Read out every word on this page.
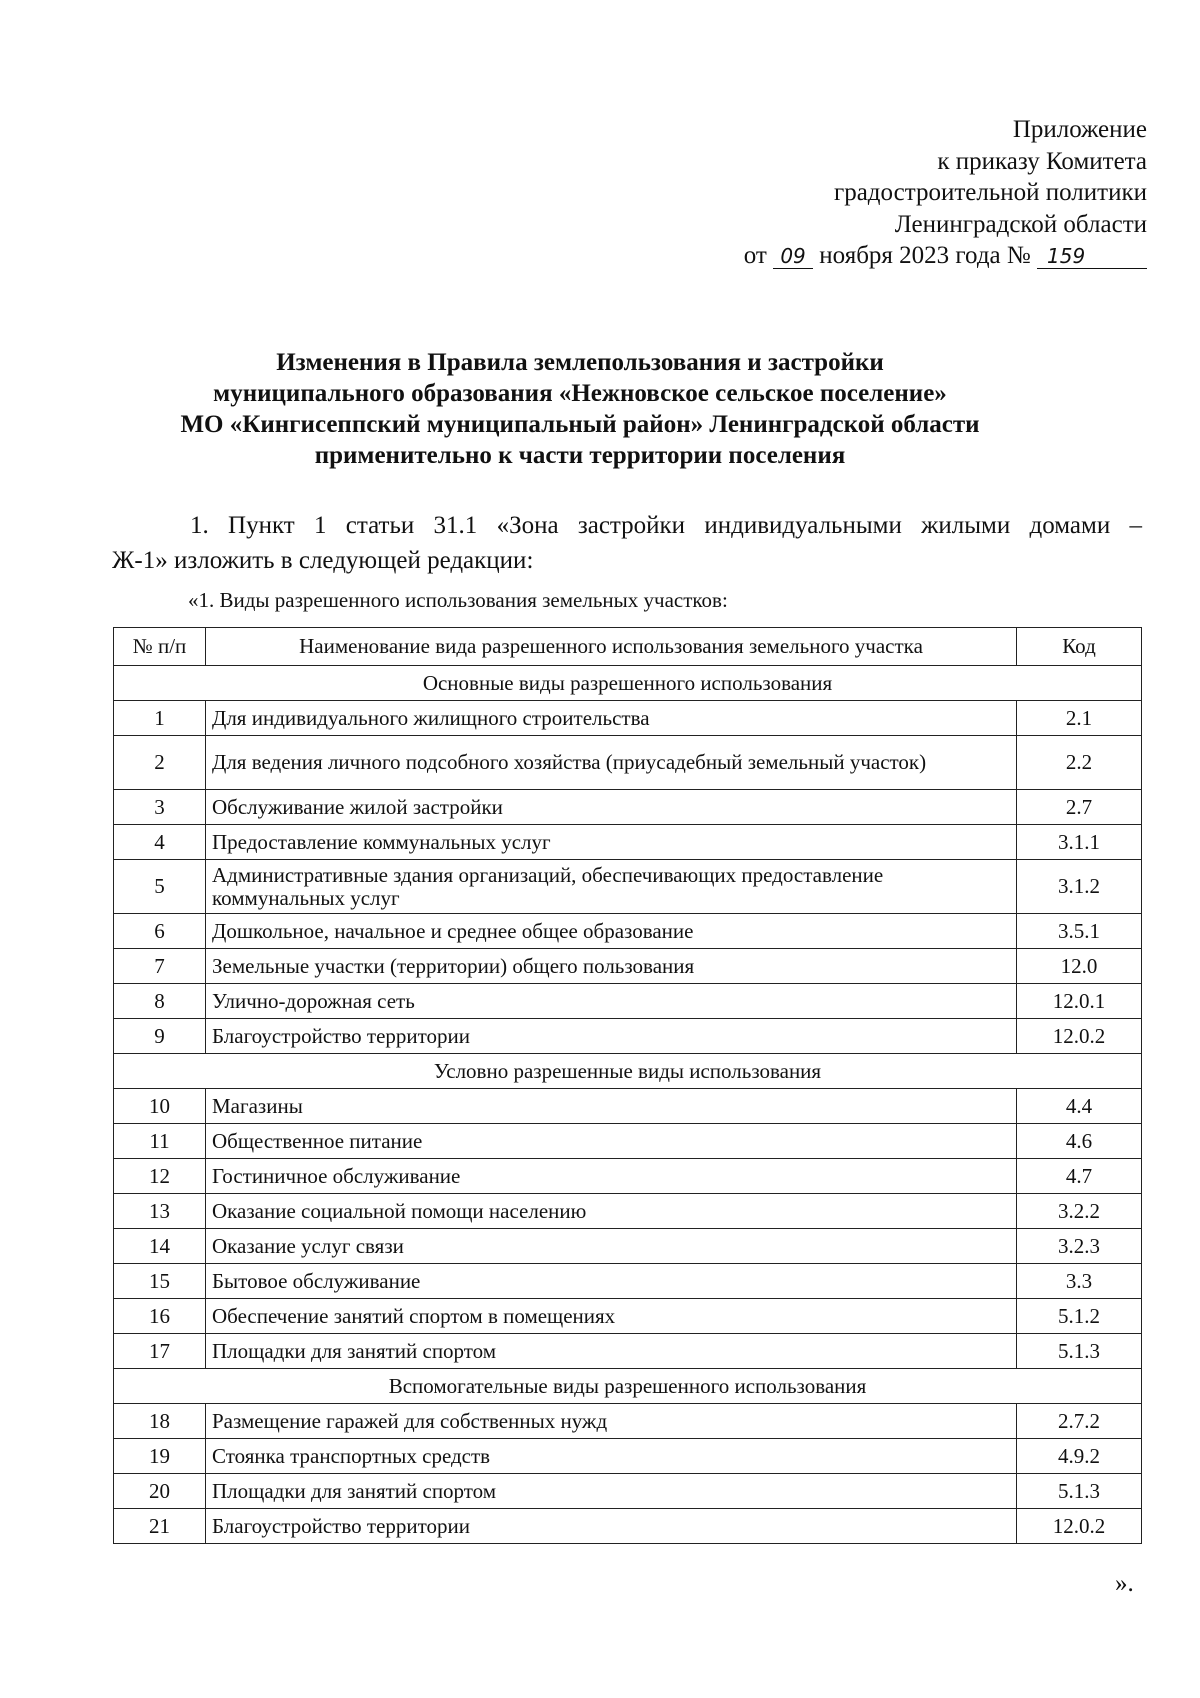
Приложение
к приказу Комитета
градостроительной политики
Ленинградской области
от 09 ноября 2023 года № 159
Изменения в Правила землепользования и застройки
муниципального образования «Нежновское сельское поселение»
МО «Кингисеппский муниципальный район» Ленинградской области
применительно к части территории поселения
1. Пункт 1 статьи 31.1 «Зона застройки индивидуальными жилыми домами –
Ж-1» изложить в следующей редакции:
«1. Виды разрешенного использования земельных участков:
№ п/п	Наименование вида разрешенного использования земельного участка	Код
Основные виды разрешенного использования		
1	Для индивидуального жилищного строительства	2.1
2	Для ведения личного подсобного хозяйства (приусадебный земельный участок)	2.2
3	Обслуживание жилой застройки	2.7
4	Предоставление коммунальных услуг	3.1.1
5	Административные здания организаций, обеспечивающих предоставление коммунальных услуг	3.1.2
6	Дошкольное, начальное и среднее общее образование	3.5.1
7	Земельные участки (территории) общего пользования	12.0
8	Улично-дорожная сеть	12.0.1
9	Благоустройство территории	12.0.2
Условно разрешенные виды использования		
10	Магазины	4.4
11	Общественное питание	4.6
12	Гостиничное обслуживание	4.7
13	Оказание социальной помощи населению	3.2.2
14	Оказание услуг связи	3.2.3
15	Бытовое обслуживание	3.3
16	Обеспечение занятий спортом в помещениях	5.1.2
17	Площадки для занятий спортом	5.1.3
Вспомогательные виды разрешенного использования		
18	Размещение гаражей для собственных нужд	2.7.2
19	Стоянка транспортных средств	4.9.2
20	Площадки для занятий спортом	5.1.3
21	Благоустройство территории	12.0.2
».
